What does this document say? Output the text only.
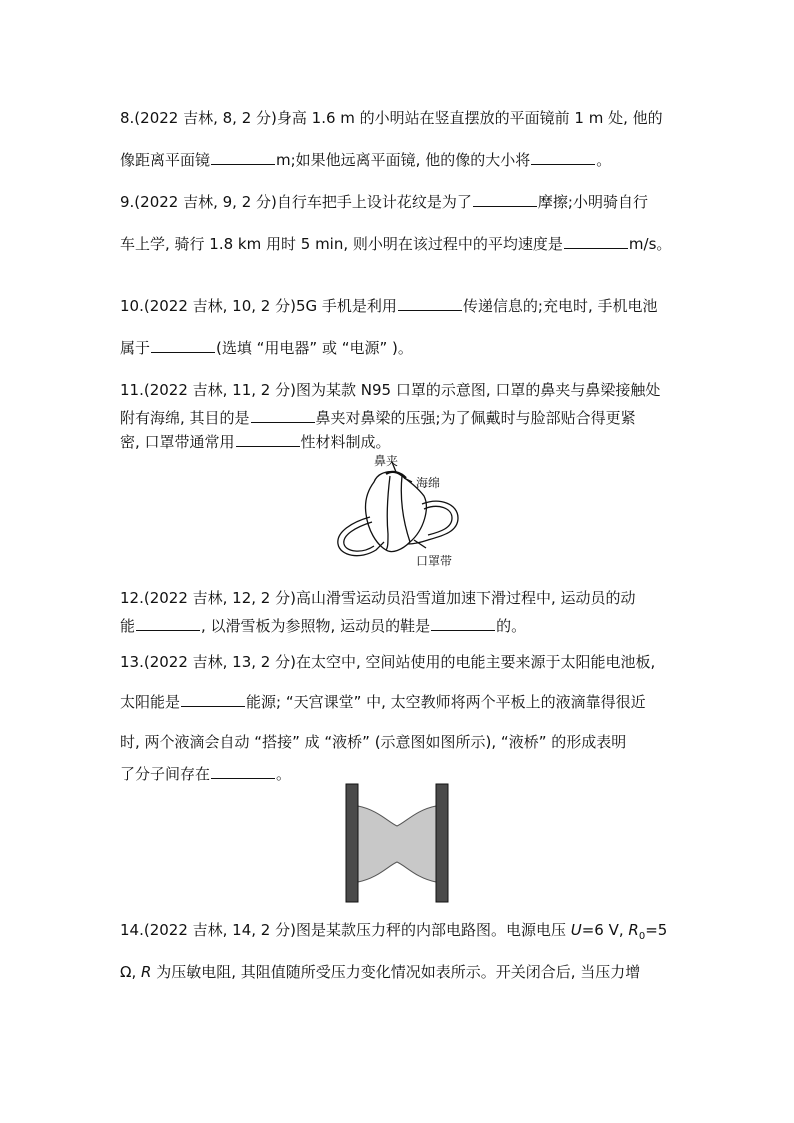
8.(2022 吉林, 8, 2 分)身高 1.6 m 的小明站在竖直摆放的平面镜前 1 m 处, 他的
像距离平面镜	m;如果他远离平面镜, 他的像的大小将	。
9.(2022 吉林, 9, 2 分)自行车把手上设计花纹是为了	摩擦;小明骑自行
车上学, 骑行 1.8 km 用时 5 min, 则小明在该过程中的平均速度是	m/s。
10.(2022 吉林, 10, 2 分)5G 手机是利用	传递信息的;充电时, 手机电池
属于	(选填 “用电器” 或 “电源” )。
11.(2022 吉林, 11, 2 分)图为某款 N95 口罩的示意图, 口罩的鼻夹与鼻梁接触处
附有海绵, 其目的是	鼻夹对鼻梁的压强;为了佩戴时与脸部贴合得更紧
密, 口罩带通常用	性材料制成。
鼻夹
海绵
口罩带
12.(2022 吉林, 12, 2 分)高山滑雪运动员沿雪道加速下滑过程中, 运动员的动
能	, 以滑雪板为参照物, 运动员的鞋是	的。
13.(2022 吉林, 13, 2 分)在太空中, 空间站使用的电能主要来源于太阳能电池板,
太阳能是	能源; “天宫课堂” 中, 太空教师将两个平板上的液滴靠得很近
时, 两个液滴会自动 “搭接” 成 “液桥” (示意图如图所示), “液桥” 的形成表明
了分子间存在	。
14.(2022 吉林, 14, 2 分)图是某款压力秤的内部电路图。电源电压 U=6 V, $R_0=5$
Ω, R 为压敏电阻, 其阻值随所受压力变化情况如表所示。开关闭合后, 当压力增
